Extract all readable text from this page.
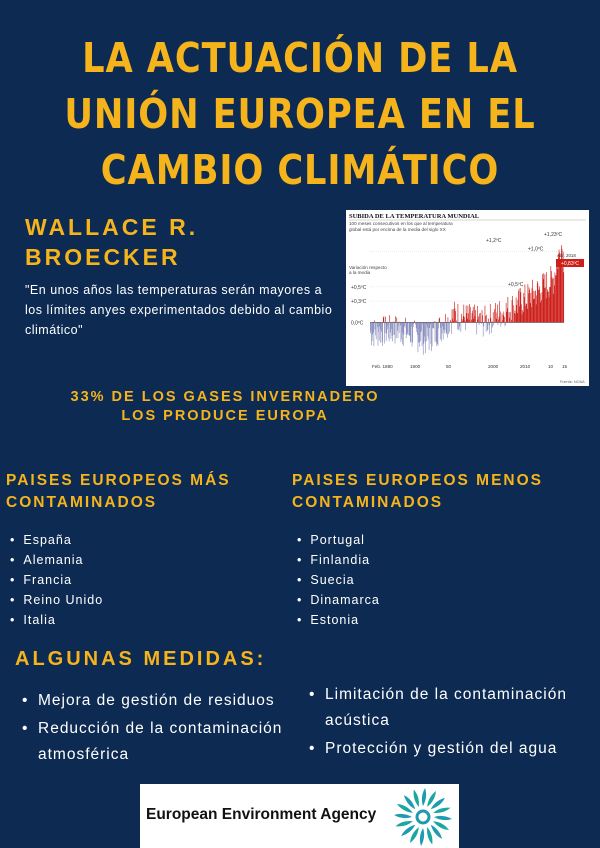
LA ACTUACIÓN DE LA
UNIÓN EUROPEA EN EL
CAMBIO CLIMÁTICO
WALLACE R.
BROECKER

"En unos años las temperaturas serán mayores a los límites anyes experimentados debido al cambio climático"

SUBIDA DE LA TEMPERATURA MUNDIAL
100 meses consecutivos en los que al temperatura global está por encima de la media del siglo XX
Variación respecto a la media
+0,5ºC
+0,3ºC
0,0ºC
+1,0ºC
+0,5ºC
+1,2ºC
+1,23ºC
Abr. 2018
+0,83ºC
Feb. 1880	1900	50	2000	2010	10 15
Fuente: NOAA
33% DE LOS GASES INVERNADERO LOS PRODUCE EUROPA
PAISES EUROPEOS MÁS CONTAMINADOS
• España
• Alemania
• Francia
• Reino Unido
• Italia
PAISES EUROPEOS MENOS CONTAMINADOS
• Portugal
• Finlandia
• Suecia
• Dinamarca
• Estonia
ALGUNAS MEDIDAS:
• Mejora de gestión de residuos
• Reducción de la contaminación atmosférica
• Limitación de la contaminación acústica
• Protección y gestión del agua
European Environment Agency
